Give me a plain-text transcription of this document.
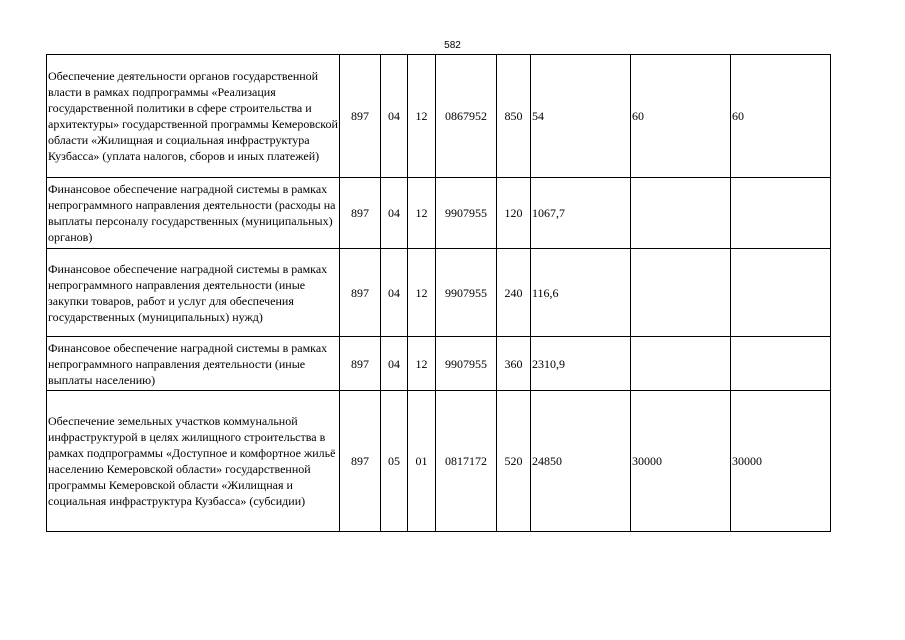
582
Обеспечение деятельности органов государственной власти в рамках подпрограммы «Реализация государственной политики в сфере строительства и архитектуры» государственной программы Кемеровской области «Жилищная и социальная инфраструктура Кузбасса» (уплата налогов, сборов и иных платежей)	897	04	12	0867952	850	54	60	60
Финансовое обеспечение наградной системы в рамках непрограммного направления деятельности (расходы на выплаты персоналу государственных (муниципальных) органов)	897	04	12	9907955	120	1067,7		
Финансовое обеспечение наградной системы в рамках непрограммного направления деятельности (иные закупки товаров, работ и услуг для обеспечения государственных (муниципальных) нужд)	897	04	12	9907955	240	116,6		
Финансовое обеспечение наградной системы в рамках непрограммного направления деятельности (иные выплаты населению)	897	04	12	9907955	360	2310,9		
Обеспечение земельных участков коммунальной инфраструктурой в целях жилищного строительства в рамках подпрограммы «Доступное и комфортное жильё населению Кемеровской области» государственной программы Кемеровской области «Жилищная и социальная инфраструктура Кузбасса» (субсидии)	897	05	01	0817172	520	24850	30000	30000
